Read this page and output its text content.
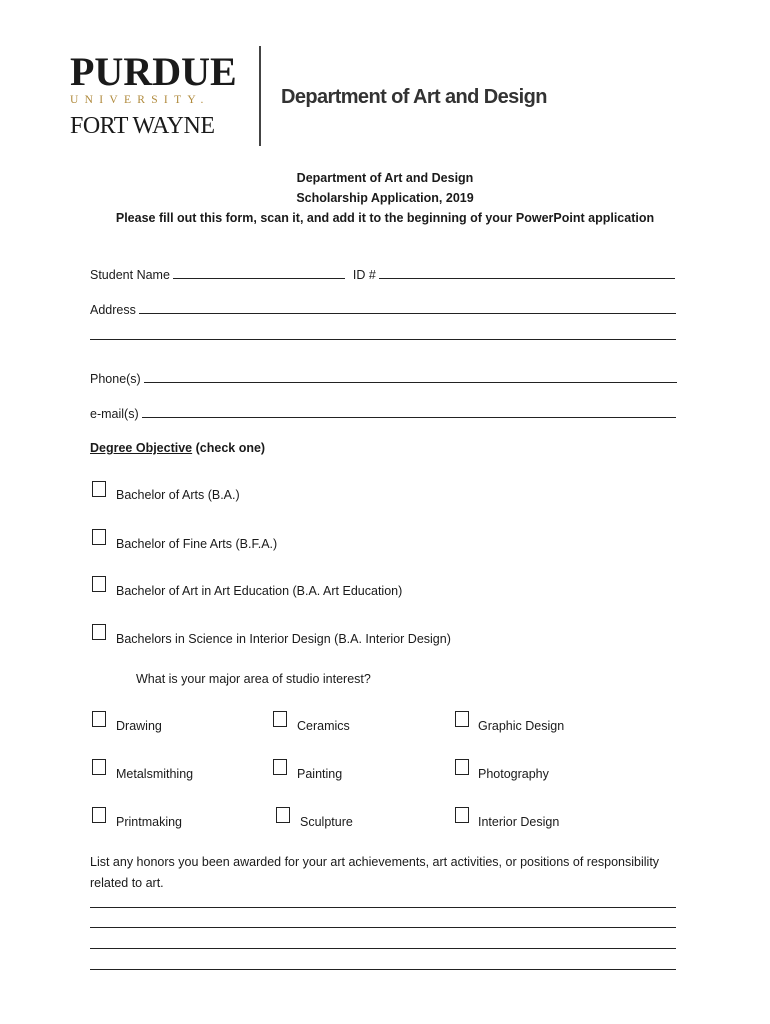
PURDUE
UNIVERSITY.
FORT WAYNE
Department of Art and Design
Department of Art and Design
Scholarship Application, 2019
Please fill out this form, scan it, and add it to the beginning of your PowerPoint application
Student Name	ID #
Address
Phone(s)
e-mail(s)
Degree Objective (check one)
Bachelor of Arts (B.A.)
Bachelor of Fine Arts (B.F.A.)
Bachelor of Art in Art Education (B.A. Art Education)
Bachelors in Science in Interior Design (B.A. Interior Design)
What is your major area of studio interest?
Drawing	Ceramics	Graphic Design
Metalsmithing	Painting	Photography
Printmaking	Sculpture	Interior Design
List any honors you been awarded for your art achievements, art activities, or positions of responsibility related to art.
